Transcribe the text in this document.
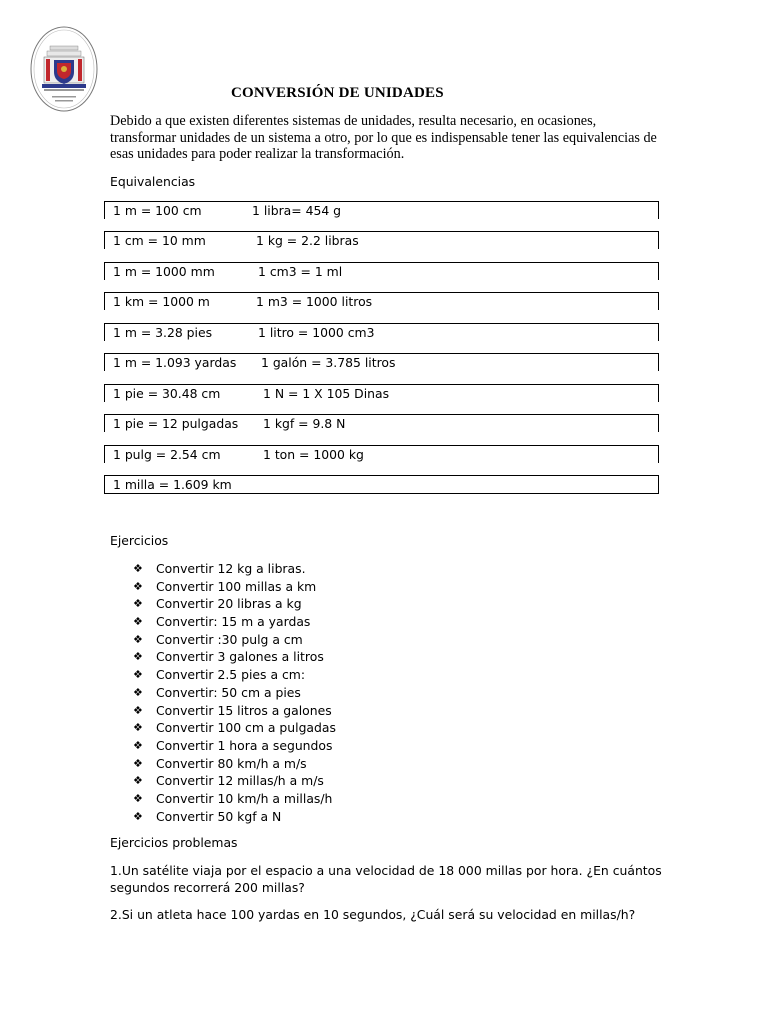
CONVERSIÓN DE UNIDADES
Debido a que existen diferentes sistemas de unidades, resulta necesario, en ocasiones,
transformar unidades de un sistema a otro, por lo que es indispensable tener las equivalencias de
esas unidades para poder realizar la transformación.
Equivalencias
1 m = 100 cm	1 libra= 454 g
1 cm = 10 mm	1 kg = 2.2 libras
1 m = 1000 mm	1 cm3 = 1 ml
1 km = 1000 m	1 m3 = 1000 litros
1 m = 3.28 pies	1 litro = 1000 cm3
1 m = 1.093 yardas 1 galón = 3.785 litros
1 pie = 30.48 cm	1 N = 1 X 105 Dinas
1 pie = 12 pulgadas 1 kgf = 9.8 N
1 pulg = 2.54 cm	1 ton = 1000 kg
1 milla = 1.609 km
Ejercicios
❖ Convertir 12 kg a libras.
❖ Convertir 100 millas a km
❖ Convertir 20 libras a kg
❖ Convertir: 15 m a yardas
❖ Convertir :30 pulg a cm
❖ Convertir 3 galones a litros
❖ Convertir 2.5 pies a cm:
❖ Convertir: 50 cm a pies
❖ Convertir 15 litros a galones
❖ Convertir 100 cm a pulgadas
❖ Convertir 1 hora a segundos
❖ Convertir 80 km/h a m/s
❖ Convertir 12 millas/h a m/s
❖ Convertir 10 km/h a millas/h
❖ Convertir 50 kgf a N
Ejercicios problemas
1.Un satélite viaja por el espacio a una velocidad de 18 000 millas por hora. ¿En cuántos
segundos recorrerá 200 millas?
2.Si un atleta hace 100 yardas en 10 segundos, ¿Cuál será su velocidad en millas/h?
